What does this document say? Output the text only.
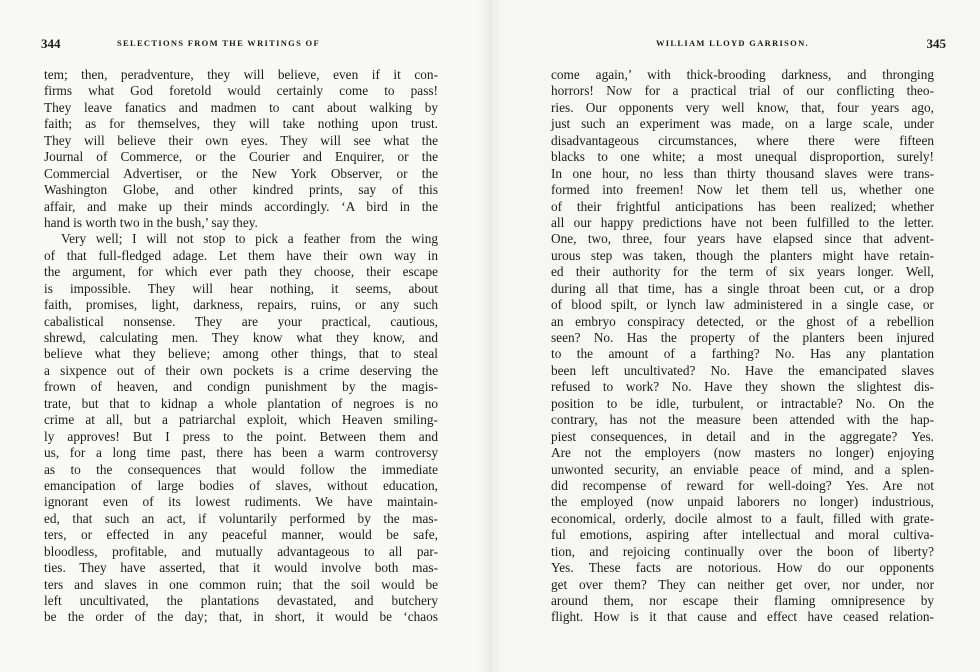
344	SELECTIONS FROM THE WRITINGS OF
tem; then, peradventure, they will believe, even if it con-
firms what God foretold would certainly come to pass!
They leave fanatics and madmen to cant about walking by
faith; as for themselves, they will take nothing upon trust.
They will believe their own eyes. They will see what the
Journal of Commerce, or the Courier and Enquirer, or the
Commercial Advertiser, or the New York Observer, or the
Washington Globe, and other kindred prints, say of this
affair, and make up their minds accordingly. ‘A bird in the
hand is worth two in the bush,’ say they.
Very well; I will not stop to pick a feather from the wing
of that full-fledged adage. Let them have their own way in
the argument, for which ever path they choose, their escape
is impossible. They will hear nothing, it seems, about
faith, promises, light, darkness, repairs, ruins, or any such
cabalistical nonsense. They are your practical, cautious,
shrewd, calculating men. They know what they know, and
believe what they believe; among other things, that to steal
a sixpence out of their own pockets is a crime deserving the
frown of heaven, and condign punishment by the magis-
trate, but that to kidnap a whole plantation of negroes is no
crime at all, but a patriarchal exploit, which Heaven smiling-
ly approves! But I press to the point. Between them and
us, for a long time past, there has been a warm controversy
as to the consequences that would follow the immediate
emancipation of large bodies of slaves, without education,
ignorant even of its lowest rudiments. We have maintain-
ed, that such an act, if voluntarily performed by the mas-
ters, or effected in any peaceful manner, would be safe,
bloodless, profitable, and mutually advantageous to all par-
ties. They have asserted, that it would involve both mas-
ters and slaves in one common ruin; that the soil would be
left uncultivated, the plantations devastated, and butchery
be the order of the day; that, in short, it would be ‘chaos
WILLIAM LLOYD GARRISON.	345
come again,’ with thick-brooding darkness, and thronging
horrors! Now for a practical trial of our conflicting theo-
ries. Our opponents very well know, that, four years ago,
just such an experiment was made, on a large scale, under
disadvantageous circumstances, where there were fifteen
blacks to one white; a most unequal disproportion, surely!
In one hour, no less than thirty thousand slaves were trans-
formed into freemen! Now let them tell us, whether one
of their frightful anticipations has been realized; whether
all our happy predictions have not been fulfilled to the letter.
One, two, three, four years have elapsed since that advent-
urous step was taken, though the planters might have retain-
ed their authority for the term of six years longer. Well,
during all that time, has a single throat been cut, or a drop
of blood spilt, or lynch law administered in a single case, or
an embryo conspiracy detected, or the ghost of a rebellion
seen? No. Has the property of the planters been injured
to the amount of a farthing? No. Has any plantation
been left uncultivated? No. Have the emancipated slaves
refused to work? No. Have they shown the slightest dis-
position to be idle, turbulent, or intractable? No. On the
contrary, has not the measure been attended with the hap-
piest consequences, in detail and in the aggregate? Yes.
Are not the employers (now masters no longer) enjoying
unwonted security, an enviable peace of mind, and a splen-
did recompense of reward for well-doing? Yes. Are not
the employed (now unpaid laborers no longer) industrious,
economical, orderly, docile almost to a fault, filled with grate-
ful emotions, aspiring after intellectual and moral cultiva-
tion, and rejoicing continually over the boon of liberty?
Yes. These facts are notorious. How do our opponents
get over them? They can neither get over, nor under, nor
around them, nor escape their flaming omnipresence by
flight. How is it that cause and effect have ceased relation-
